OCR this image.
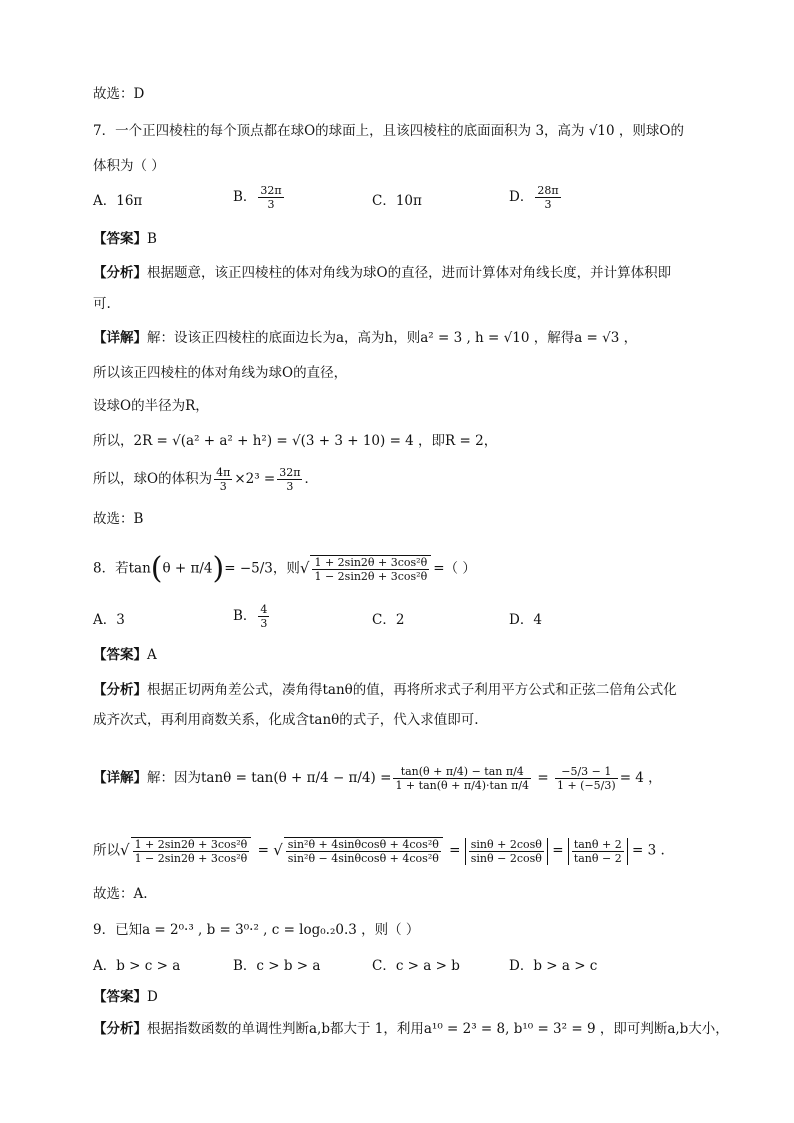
故选：D
7．一个正四棱柱的每个顶点都在球O的球面上，且该四棱柱的底面面积为 3，高为 √10 ，则球O的
体积为（ ）
A．16π	B． $\frac{32\pi}{3}$	C．10π	D． $\frac{28\pi}{3}$
【答案】B
【分析】根据题意，该正四棱柱的体对角线为球O的直径，进而计算体对角线长度，并计算体积即
可.
【详解】解：设该正四棱柱的底面边长为a，高为h，则a² = 3 , h = √10 ，解得a = √3 ，
所以该正四棱柱的体对角线为球O的直径，
设球O的半径为R，
所以，2R = √(a² + a² + h²) = √(3 + 3 + 10) = 4 ，即R = 2，
所以，球O的体积为 $\frac{4\pi}{3} \times 2^3 = \frac{32\pi}{3}$ ．
故选：B
8．若tan(θ + π/4)= −5/3，则 √ $\frac{\text{1 + 2sin2θ + 3cos²θ}}{\text{1 − 2sin2θ + 3cos²θ}}$ =（ ）
A．3	B． $\frac{4}{3}$	C．2	D．4
【答案】A
【分析】根据正切两角差公式，凑角得tanθ的值，再将所求式子利用平方公式和正弦二倍角公式化
成齐次式，再利用商数关系，化成含tanθ的式子，代入求值即可.
【详解】解：因为$\tan\theta = \tan(\theta + \pi/4 - \pi/4) = \frac{\text{tan(θ + π/4) − tan π/4}}{\text{1 + tan(θ + π/4)·tan π/4}} = \frac{-5/3 - 1}{1 + (-5/3)} = 4$ ，
所以 √ $\frac{\text{1 + 2sin2θ + 3cos²θ}}{\text{1 − 2sin2θ + 3cos²θ}}$ = √ $\frac{\text{sin²θ + 4sinθcosθ + 4cos²θ}}{\text{sin²θ − 4sinθcosθ + 4cos²θ}} = \frac{\sin\theta + 2\cos\theta}{\sin\theta - 2\cos\theta} = \frac{\tan\theta + 2}{\tan\theta - 2} = 3$ .
故选：A.
9．已知a = 2⁰·³ , b = 3⁰·² , c = log₀.₂0.3 ，则（ ）
A．b > c > a	B．c > b > a	C．c > a > b	D．b > a > c
【答案】D
【分析】根据指数函数的单调性判断a,b都大于 1，利用a¹⁰ = 2³ = 8, b¹⁰ = 3² = 9 ，即可判断a,b大小，
